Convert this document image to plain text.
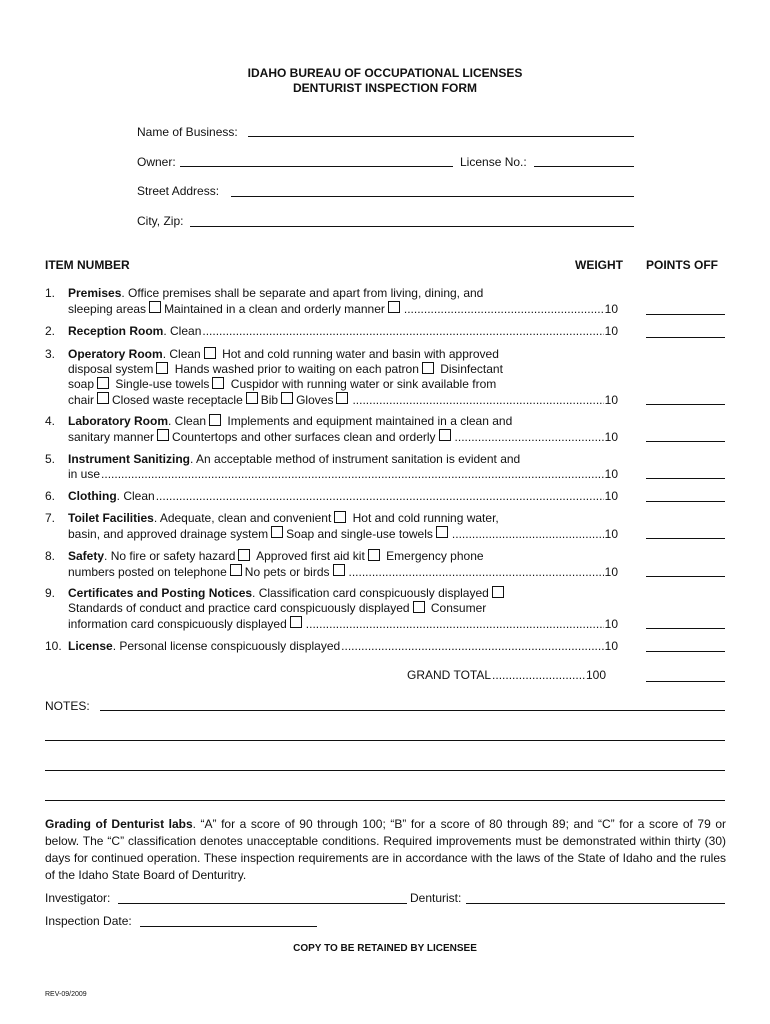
IDAHO BUREAU OF OCCUPATIONAL LICENSES
DENTURIST INSPECTION FORM
Name of Business:
Owner:	License No.:
Street Address:
City, Zip:
ITEM NUMBER	WEIGHT POINTS OFF
1. Premises. Office premises shall be separate and apart from living, dining, and
sleeping areas Maintained in a clean and orderly manner .....	10
2. Reception Room . Clean .....	10
3. Operatory Room. Clean Hot and cold running water and basin with approved
disposal system Hands washed prior to waiting on each patron Disinfectant
soap Single-use towels Cuspidor with running water or sink available from
chair Closed waste receptacle Bib Gloves .....	10
4. Laboratory Room. Clean Implements and equipment maintained in a clean and
sanitary manner Countertops and other surfaces clean and orderly .....	10
5. Instrument Sanitizing. An acceptable method of instrument sanitation is evident and
in use .....	10
6. Clothing . Clean .....	10
7. Toilet Facilities. Adequate, clean and convenient Hot and cold running water,
basin, and approved drainage system Soap and single-use towels .....	10
8. Safety. No fire or safety hazard Approved first aid kit Emergency phone
numbers posted on telephone No pets or birds .....	10
9. Certificates and Posting Notices. Classification card conspicuously displayed
Standards of conduct and practice card conspicuously displayed Consumer
information card conspicuously displayed .....	10
10. License . Personal license conspicuously displayed .....	10
GRAND TOTAL .....	100
NOTES:
Grading of Denturist labs. “A” for a score of 90 through 100; “B” for a score of 80 through 89; and “C” for a score of 79 or below. The “C” classification denotes unacceptable conditions. Required improvements must be demonstrated within thirty (30) days for continued operation. These inspection requirements are in accordance with the laws of the State of Idaho and the rules of the Idaho State Board of Denturitry.
Investigator:	Denturist:
Inspection Date:
COPY TO BE RETAINED BY LICENSEE
REV-09/2009
